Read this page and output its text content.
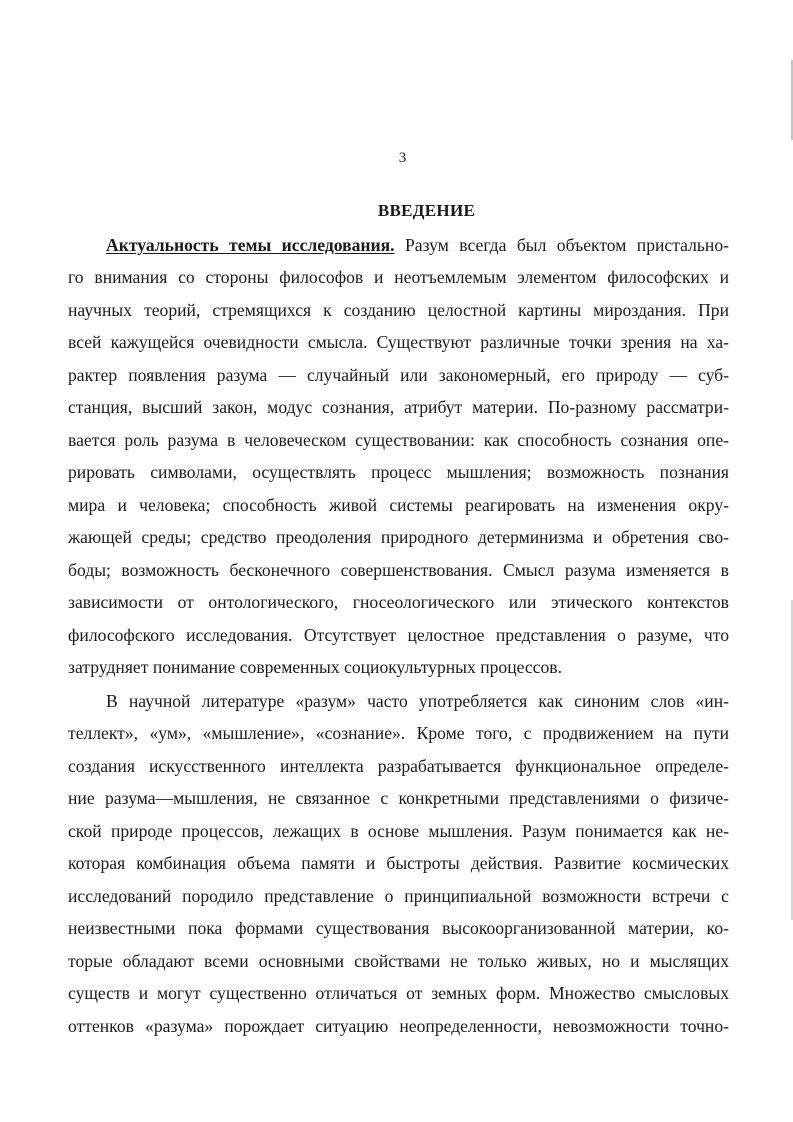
3
ВВЕДЕНИЕ
Актуальность темы исследования. Разум всегда был объектом пристально-
го внимания со стороны философов и неотъемлемым элементом философских и
научных теорий, стремящихся к созданию целостной картины мироздания. При
всей кажущейся очевидности смысла. Существуют различные точки зрения на ха-
рактер появления разума — случайный или закономерный, его природу — суб-
станция, высший закон, модус сознания, атрибут материи. По-разному рассматри-
вается роль разума в человеческом существовании: как способность сознания опе-
рировать символами, осуществлять процесс мышления; возможность познания
мира и человека; способность живой системы реагировать на изменения окру-
жающей среды; средство преодоления природного детерминизма и обретения сво-
боды; возможность бесконечного совершенствования. Смысл разума изменяется в
зависимости от онтологического, гносеологического или этического контекстов
философского исследования. Отсутствует целостное представления о разуме, что
затрудняет понимание современных социокультурных процессов.
В научной литературе «разум» часто употребляется как синоним слов «ин-
теллект», «ум», «мышление», «сознание». Кроме того, с продвижением на пути
создания искусственного интеллекта разрабатывается функциональное определе-
ние разума—мышления, не связанное с конкретными представлениями о физиче-
ской природе процессов, лежащих в основе мышления. Разум понимается как не-
которая комбинация объема памяти и быстроты действия. Развитие космических
исследований породило представление о принципиальной возможности встречи с
неизвестными пока формами существования высокоорганизованной материи, ко-
торые обладают всеми основными свойствами не только живых, но и мыслящих
существ и могут существенно отличаться от земных форм. Множество смысловых
оттенков «разума» порождает ситуацию неопределенности, невозможности точно-
